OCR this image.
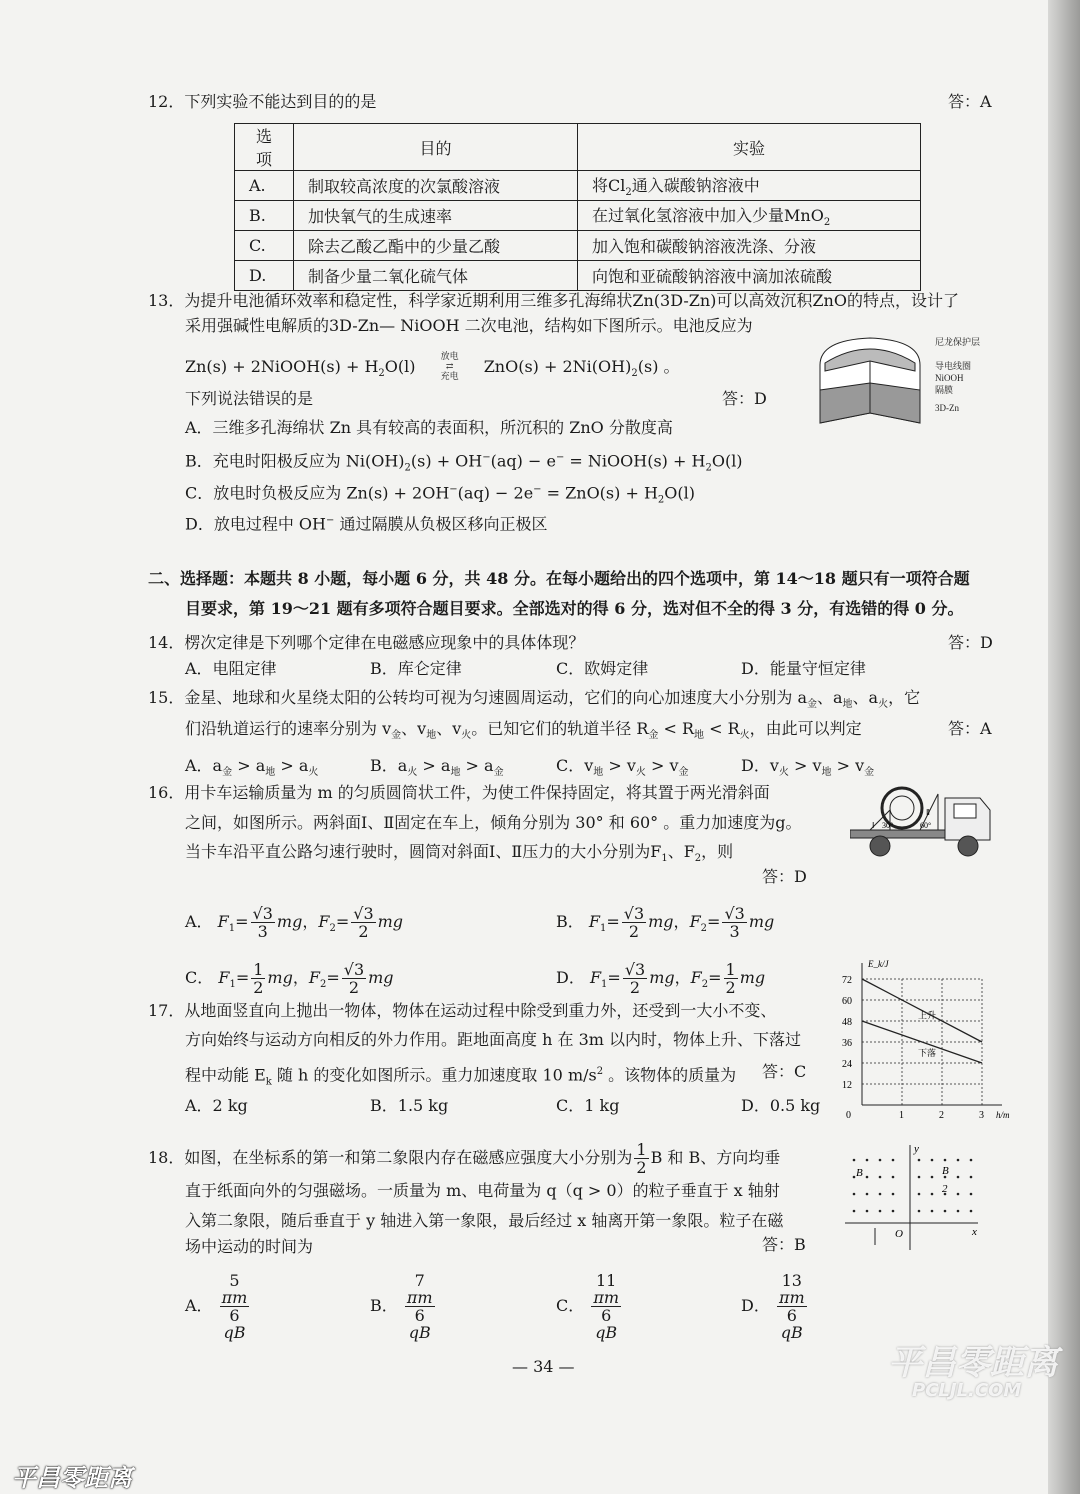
12．下列实验不能达到目的的是	答：A
选项	目的	实验
A.	制取较高浓度的次氯酸溶液	将$Cl_2$通入碳酸钠溶液中
B.	加快氧气的生成速率	在过氧化氢溶液中加入少量MnO$_2$
C.	除去乙酸乙酯中的少量乙酸	加入饱和碳酸钠溶液洗涤、分液
D.	制备少量二氧化硫气体	向饱和亚硫酸钠溶液中滴加浓硫酸
13．为提升电池循环效率和稳定性，科学家近期利用三维多孔海绵状Zn(3D-Zn)可以高效沉积ZnO的特点，设计了
采用强碱性电解质的3D-Zn— NiOOH 二次电池，结构如下图所示。电池反应为
Zn(s) + 2NiOOH(s) + $H_2O(l)$	放电
⇄
充电 $ZnO(s) + 2Ni(OH)_2(s)$ 。
下列说法错误的是	答：D
A．三维多孔海绵状 Zn 具有较高的表面积，所沉积的 ZnO 分散度高
B．充电时阳极反应为 $Ni(OH)_2(s) + OH^-(aq) - e^-$ = NiOOH(s) + $H_2O(l)$
C．放电时负极反应为 $Zn(s) + 2OH^-(aq) - 2e^- = ZnO(s) + H_2O(l)$
D．放电过程中 OH− 通过隔膜从负极区移向正极区
尼龙保护层
导电线圈
NiOOH
隔膜
3D-Zn
二、选择题：本题共 8 小题，每小题 6 分，共 48 分。在每小题给出的四个选项中，第 14～18 题只有一项符合题
目要求，第 19～21 题有多项符合题目要求。全部选对的得 6 分，选对但不全的得 3 分，有选错的得 0 分。
14．楞次定律是下列哪个定律在电磁感应现象中的具体体现？	答：D
A．电阻定律	B．库仑定律	C．欧姆定律	D．能量守恒定律
15．金星、地球和火星绕太阳的公转均可视为匀速圆周运动，它们的向心加速度大小分别为 $a_金$、$a_地$、$a_火$，它
们沿轨道运行的速率分别为 $v_金$、$v_地$、$v_火$。已知它们的轨道半径 $R_金 < R_地 < R_火$，由此可以判定	答：A
A．$a_金 > a_地 > a_火$	B．$a_火 > a_地 > a_金$	C．$v_地 > v_火 > v_金$	D．$v_火 > v_地 > v_金$
16．用卡车运输质量为 m 的匀质圆筒状工件，为使工件保持固定，将其置于两光滑斜面
之间，如图所示。两斜面Ⅰ、Ⅱ固定在车上，倾角分别为 30° 和 60° 。重力加速度为g。
当卡车沿平直公路匀速行驶时，圆筒对斜面Ⅰ、Ⅱ压力的大小分别为$F_1$、$F_2$，则
答：D
Ⅰ
Ⅱ
30°	60°
A． $F_1= \frac{√3}{3}$ mg，$F_2= \frac{√3}{2}$ mg	B． $F_1= \frac{√3}{2}$ mg，$F_2= \frac{√3}{3}$ mg
C． $F_1= \frac{1}{2}$ mg，$F_2= \frac{√3}{2}$ mg	D． $F_1= \frac{√3}{2}$ mg，$F_2= \frac{1}{2}$ mg
17．从地面竖直向上抛出一物体，物体在运动过程中除受到重力外，还受到一大小不变、
方向始终与运动方向相反的外力作用。距地面高度 h 在 3m 以内时，物体上升、下落过
程中动能 $E_k$ 随 h 的变化如图所示。重力加速度取 10 $m/s^2$ 。该物体的质量为 答：C
A．2 kg	B．1.5 kg	C．1 kg	D．0.5 kg
上升
下落
72
60
48
36
24
12
0	1	2	3
E_k/J
h/m
18．如图，在坐标系的第一和第二象限内存在磁感应强度大小分别为 $\frac{1}{2}$ B 和 B、方向均垂
直于纸面向外的匀强磁场。一质量为 m、电荷量为 q（q > 0）的粒子垂直于 x 轴射
入第二象限，随后垂直于 y 轴进入第一象限，最后经过 x 轴离开第一象限。粒子在磁
场中运动的时间为	答：B
y
x
O
B	B
2
A． 5
πm
6
qB	B． 7
πm
6
qB	C． 11
πm
6
qB	D． 13
πm
6
qB
— 34 —	平昌零距离
PCLJL.COM
平昌零距离
